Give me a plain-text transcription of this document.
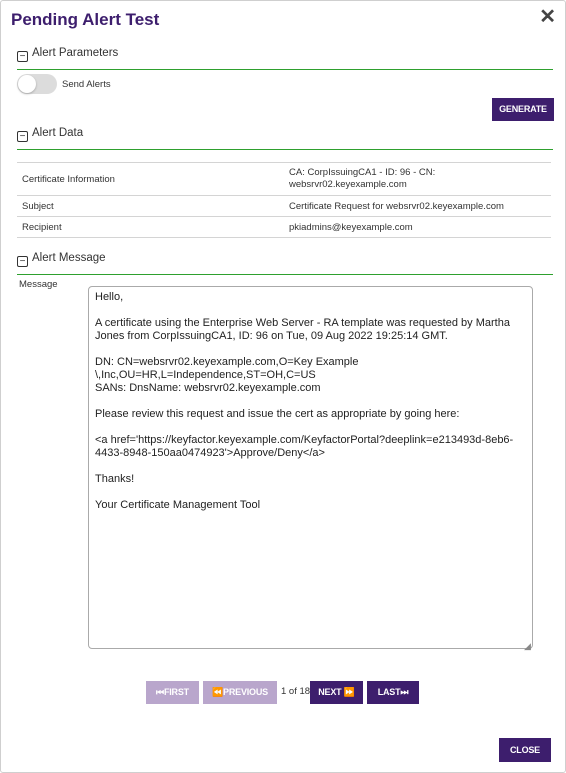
Pending Alert Test	✕
− Alert Parameters
Send Alerts
GENERATE
− Alert Data
Certificate Information	CA: CorpIssuingCA1 - ID: 96 - CN:
websrvr02.keyexample.com
Subject	Certificate Request for websrvr02.keyexample.com
Recipient	pkiadmins@keyexample.com
− Alert Message
Message
Hello,

A certificate using the Enterprise Web Server - RA template was requested by Martha Jones from CorpIssuingCA1, ID: 96 on Tue, 09 Aug 2022 19:25:14 GMT.

DN: CN=websrvr02.keyexample.com,O=Key Example \,Inc,OU=HR,L=Independence,ST=OH,C=US
SANs: DnsName: websrvr02.keyexample.com

Please review this request and issue the cert as appropriate by going here:

<a href='https://keyfactor.keyexample.com/KeyfactorPortal?deeplink=e213493d-8eb6-4433-8948-150aa0474923'>Approve/Deny</a>

Thanks!

Your Certificate Management Tool
◢
⏮FIRST	⏪PREVIOUS	1 of 18 NEXT ⏩	LAST⏭
CLOSE
